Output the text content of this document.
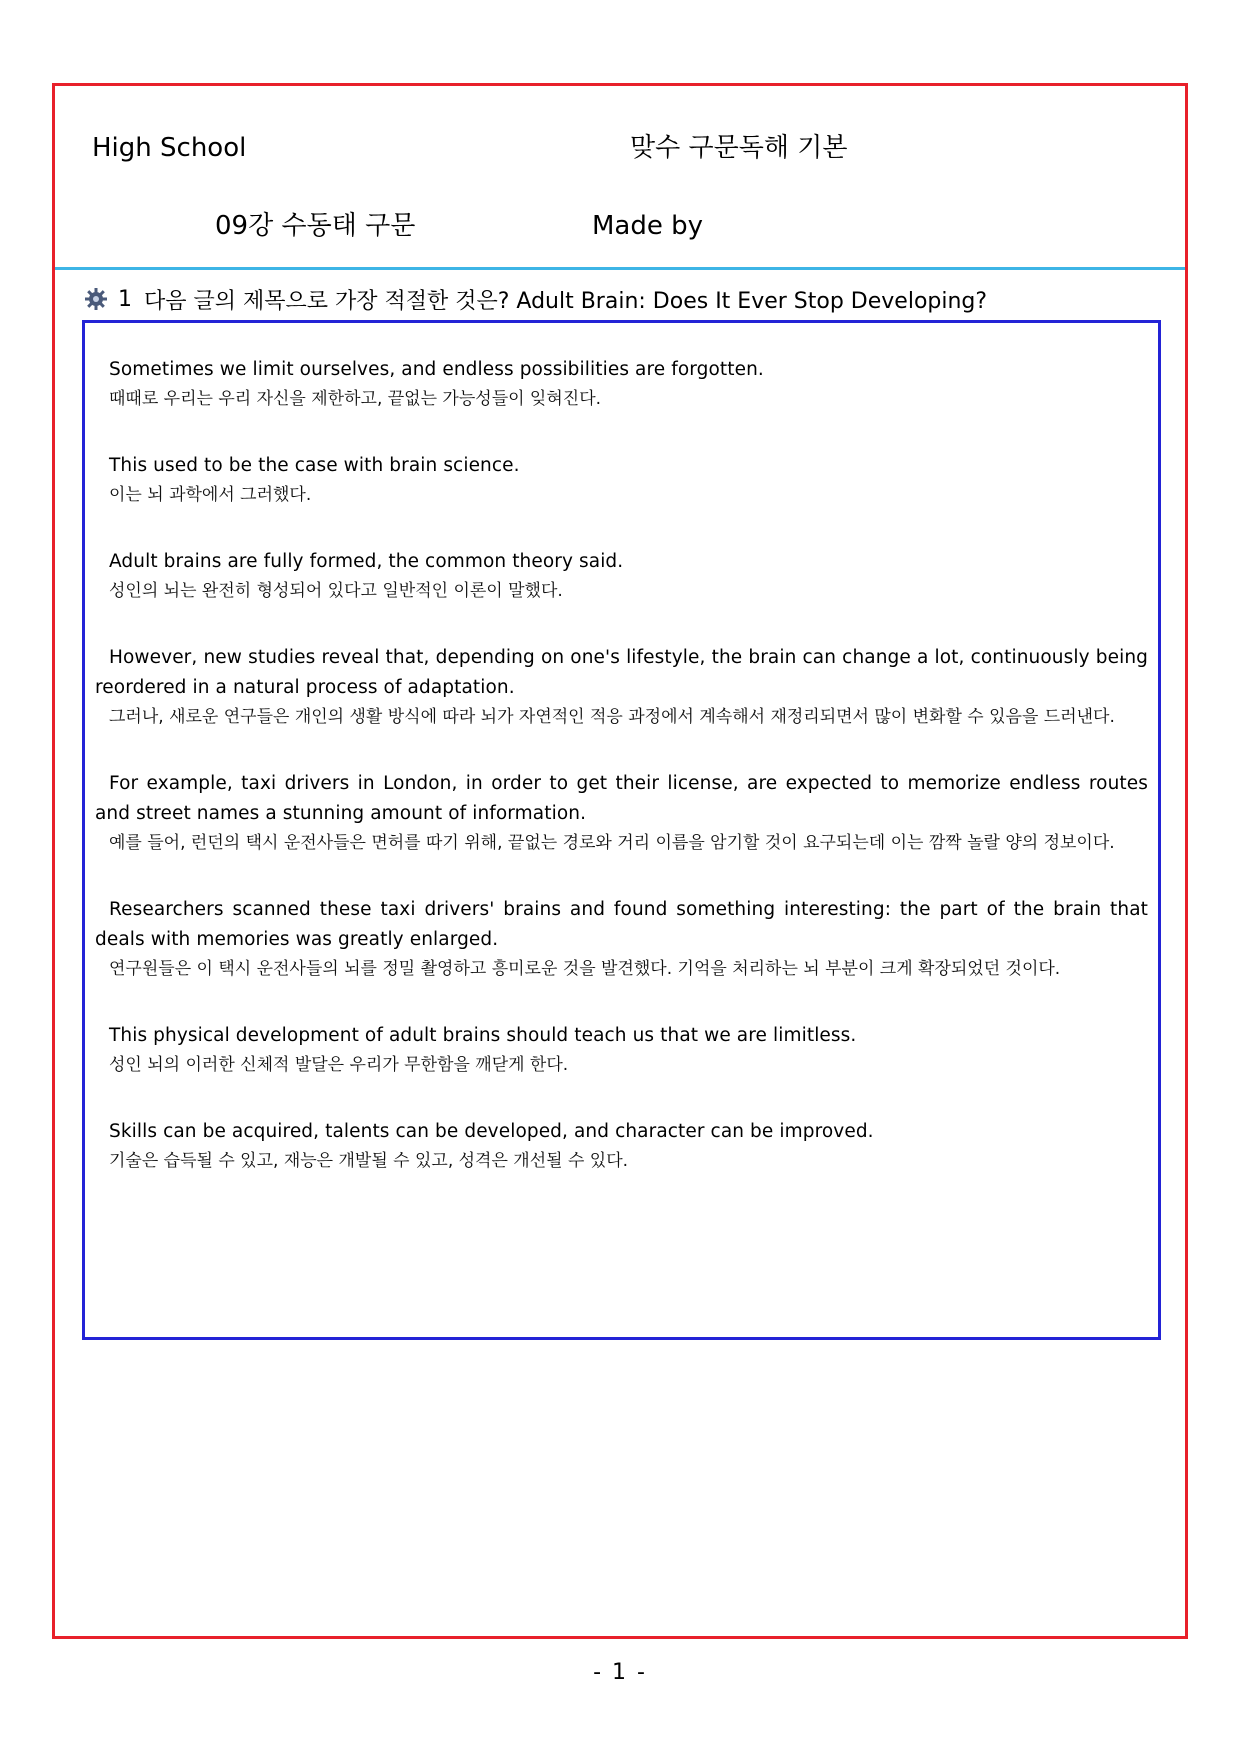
High School	맞수 구문독해 기본
09강 수동태 구문	Made by
1 다음 글의 제목으로 가장 적절한 것은? Adult Brain: Does It Ever Stop Developing?
Sometimes we limit ourselves, and endless possibilities are forgotten.
때때로 우리는 우리 자신을 제한하고, 끝없는 가능성들이 잊혀진다.
This used to be the case with brain science.
이는 뇌 과학에서 그러했다.
Adult brains are fully formed, the common theory said.
성인의 뇌는 완전히 형성되어 있다고 일반적인 이론이 말했다.
However, new studies reveal that, depending on one's lifestyle, the brain can change a lot, continuously being reordered in a natural process of adaptation.
그러나, 새로운 연구들은 개인의 생활 방식에 따라 뇌가 자연적인 적응 과정에서 계속해서 재정리되면서 많이 변화할 수 있음을 드러낸다.
For example, taxi drivers in London, in order to get their license, are expected to memorize endless routes and street names a stunning amount of information.
예를 들어, 런던의 택시 운전사들은 면허를 따기 위해, 끝없는 경로와 거리 이름을 암기할 것이 요구되는데 이는 깜짝 놀랄 양의 정보이다.
Researchers scanned these taxi drivers' brains and found something interesting: the part of the brain that deals with memories was greatly enlarged.
연구원들은 이 택시 운전사들의 뇌를 정밀 촬영하고 흥미로운 것을 발견했다. 기억을 처리하는 뇌 부분이 크게 확장되었던 것이다.
This physical development of adult brains should teach us that we are limitless.
성인 뇌의 이러한 신체적 발달은 우리가 무한함을 깨닫게 한다.
Skills can be acquired, talents can be developed, and character can be improved.
기술은 습득될 수 있고, 재능은 개발될 수 있고, 성격은 개선될 수 있다.
- 1 -
